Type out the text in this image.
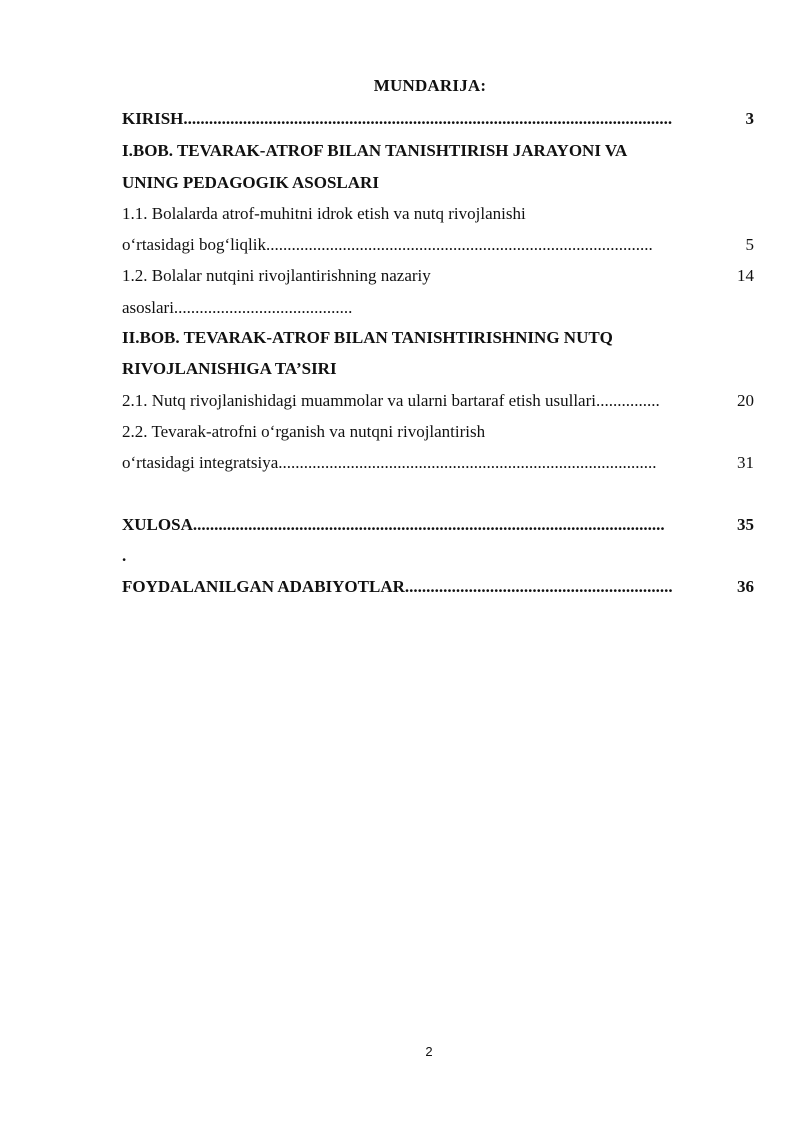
MUNDARIJA:
KIRISH...................................................................................................................	3
I.BOB. TEVARAK-ATROF BILAN TANISHTIRISH JARAYONI VA
UNING PEDAGOGIK ASOSLARI
1.1. Bolalarda atrof-muhitni idrok etish va nutq rivojlanishi
o‘rtasidagi bog‘liqlik...........................................................................................	5
1.2. Bolalar nutqini rivojlantirishning nazariy	14
asoslari..........................................
II.BOB. TEVARAK-ATROF BILAN TANISHTIRISHNING NUTQ
RIVOJLANISHIGA TA’SIRI
2.1. Nutq rivojlanishidagi muammolar va ularni bartaraf etish usullari...............	20
2.2. Tevarak-atrofni o‘rganish va nutqni rivojlantirish
o‘rtasidagi integratsiya.........................................................................................	31
XULOSA...............................................................................................................	35
.
FOYDALANILGAN ADABIYOTLAR...............................................................	36
2
